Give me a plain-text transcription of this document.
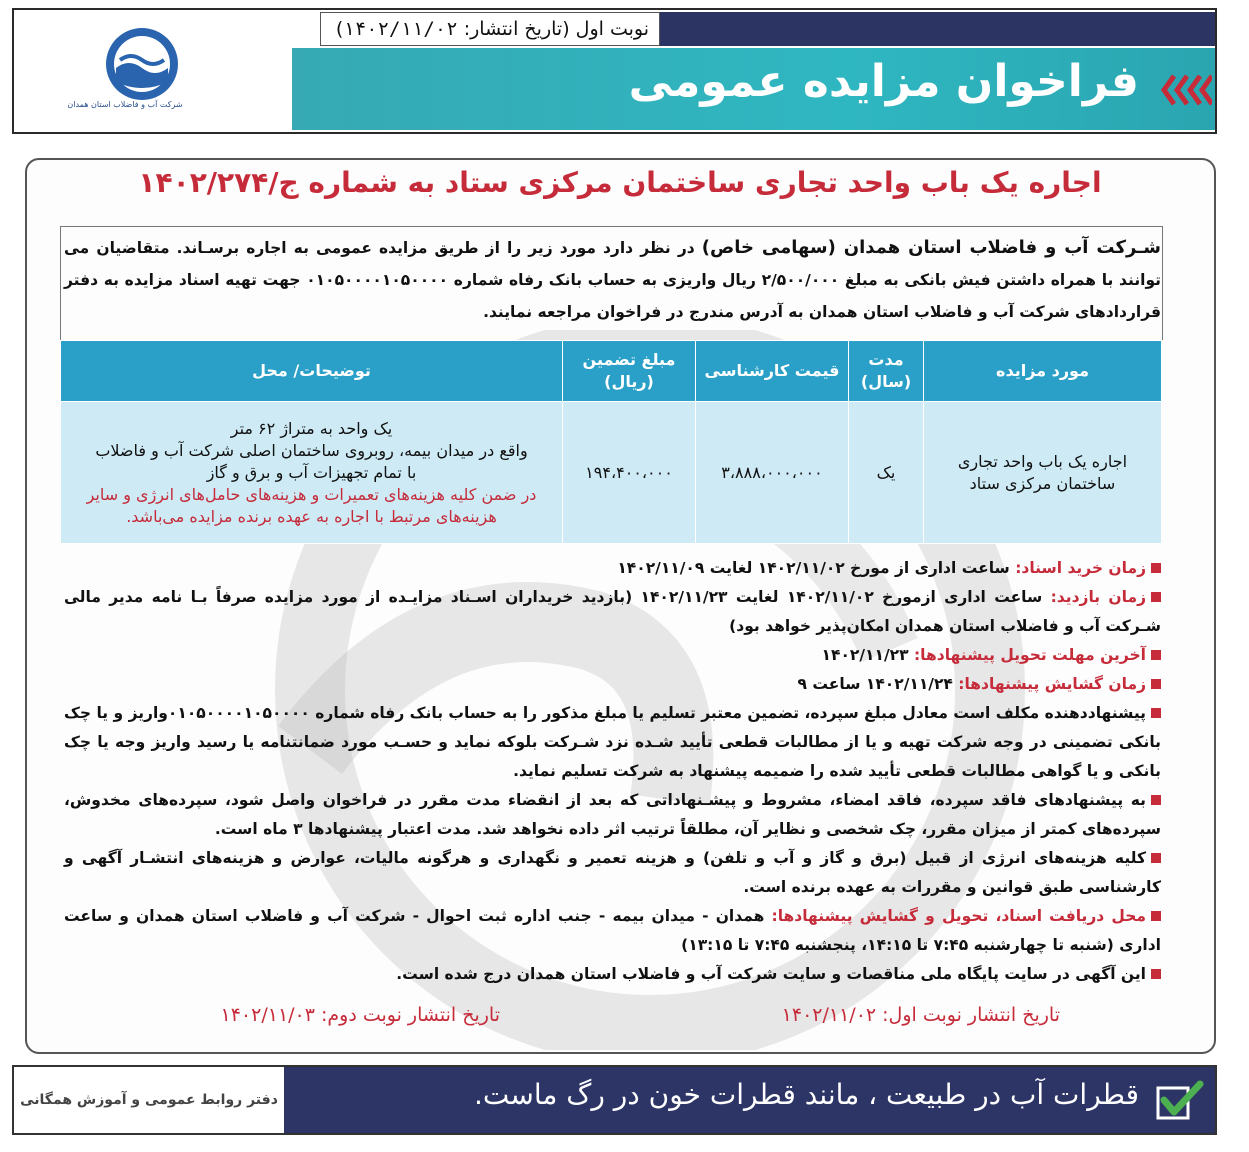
نوبت اول (تاریخ انتشار: ۱۴۰۲/۱۱/۰۲)
فراخوان مزایده عمومی
شرکت آب و فاضلاب استان همدان
اجاره یک باب واحد تجاری ساختمان مرکزی ستاد به شماره ج/۱۴۰۲/۲۷۴
شـرکت آب و فاضلاب استان همدان (سهامی خاص) در نظر دارد مورد زیر را از طریق مزایده عمومی به اجاره برسـاند. متقاضیان می توانند با همراه داشتن فیش بانکی به مبلغ ۲/۵۰۰/۰۰۰ ریال واریزی به حساب بانک رفاه شماره ۰۱۰۵۰۰۰۰۱۰۵۰۰۰۰ جهت تهیه اسناد مزایده به دفتر قراردادهای شرکت آب و فاضلاب استان همدان به آدرس مندرج در فراخوان مراجعه نمایند.
مورد مزایده	مدت (سال)	قیمت کارشناسی	مبلغ تضمین (ریال)	توضیحات/ محل
اجاره یک باب واحد تجاری ساختمان مرکزی ستاد	یک	۳،۸۸۸،۰۰۰،۰۰۰	۱۹۴،۴۰۰،۰۰۰	یک واحد به متراژ ۶۲ متر
واقع در میدان بیمه، روبروی ساختمان اصلی شرکت آب و فاضلاب
با تمام تجهیزات آب و برق و گاز
در ضمن کلیه هزینه‌های تعمیرات و هزینه‌های حامل‌های انرژی و سایر هزینه‌های مرتبط با اجاره به عهده برنده مزایده می‌باشد.

زمان خرید اسناد: ساعت اداری از مورخ ۱۴۰۲/۱۱/۰۲ لغایت ۱۴۰۲/۱۱/۰۹

زمان بازدید: ساعت اداری ازمورخ ۱۴۰۲/۱۱/۰۲ لغایت ۱۴۰۲/۱۱/۲۳ (بازدید خریداران اسـناد مزایـده از مورد مزایده صرفاً بـا نامه مدیر مالی شـرکت آب و فاضلاب استان همدان امکان‌پذیر خواهد بود)

آخرین مهلت تحویل پیشنهادها: ۱۴۰۲/۱۱/۲۳

زمان گشایش پیشنهادها: ۱۴۰۲/۱۱/۲۴ ساعت ۹

پیشنهاددهنده مکلف است معادل مبلغ سپرده، تضمین معتبر تسلیم یا مبلغ مذکور را به حساب بانک رفاه شماره ۰۱۰۵۰۰۰۰۱۰۵۰۰۰۰واریز و یا چک بانکی تضمینی در وجه شرکت تهیه و یا از مطالبات قطعی تأیید شـده نزد شـرکت بلوکه نماید و حسـب مورد ضمانتنامه یا رسید واریز وجه یا چک بانکی و یا گواهی مطالبات قطعی تأیید شده را ضمیمه پیشنهاد به شرکت تسلیم نماید.

به پیشنهادهای فاقد سپرده، فاقد امضاء، مشروط و پیشـنهاداتی که بعد از انقضاء مدت مقرر در فراخوان واصل شود، سپرده‌های مخدوش، سپرده‌های کمتر از میزان مقرر، چک شخصی و نظایر آن، مطلقاً ترتیب اثر داده نخواهد شد. مدت اعتبار پیشنهادها ۳ ماه است.

کلیه هزینه‌های انرژی از قبیل (برق و گاز و آب و تلفن) و هزینه تعمیر و نگهداری و هرگونه مالیات، عوارض و هزینه‌های انتشـار آگهی و کارشناسی طبق قوانین و مقررات به عهده برنده است.

محل دریافت اسناد، تحویل و گشایش پیشنهادها: همدان - میدان بیمه - جنب اداره ثبت احوال - شرکت آب و فاضلاب استان همدان و ساعت اداری (شنبه تا چهارشنبه ۷:۴۵ تا ۱۴:۱۵، پنجشنبه ۷:۴۵ تا ۱۳:۱۵)

این آگهی در سایت پایگاه ملی مناقصات و سایت شرکت آب و فاضلاب استان همدان درج شده است.

تاریخ انتشار نوبت اول: ۱۴۰۲/۱۱/۰۲
تاریخ انتشار نوبت دوم: ۱۴۰۲/۱۱/۰۳
دفتر روابط عمومی و آموزش همگانی	قطرات آب در طبیعت ، مانند قطرات خون در رگ ماست.
